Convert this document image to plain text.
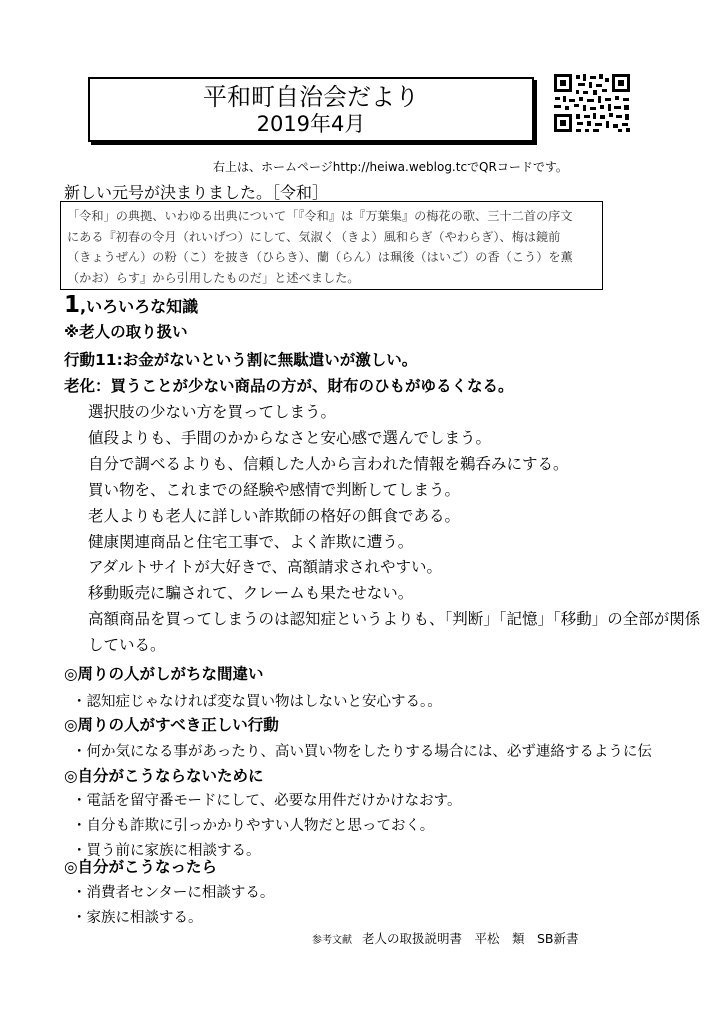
平和町自治会だより
2019年4月
右上は、ホームページhttp://heiwa.weblog.tcでQRコードです。
新しい元号が決まりました。［令和］
「令和」の典拠、いわゆる出典について「『令和』は『万葉集』の梅花の歌、三十二首の序文
にある『初春の令月（れいげつ）にして、気淑く（きよ）風和らぎ（やわらぎ）、梅は鏡前
（きょうぜん）の粉（こ）を披き（ひらき）、蘭（らん）は珮後（はいご）の香（こう）を薫
（かお）らす』から引用したものだ」と述べました。
1,いろいろな知識
※老人の取り扱い
行動11:お金がないという割に無駄遣いが激しい。
老化：買うことが少ない商品の方が、財布のひもがゆるくなる。
選択肢の少ない方を買ってしまう。
値段よりも、手間のかからなさと安心感で選んでしまう。
自分で調べるよりも、信頼した人から言われた情報を鵜呑みにする。
買い物を、これまでの経験や感情で判断してしまう。
老人よりも老人に詳しい詐欺師の格好の餌食である。
健康関連商品と住宅工事で、よく詐欺に遭う。
アダルトサイトが大好きで、高額請求されやすい。
移動販売に騙されて、クレームも果たせない。
高額商品を買ってしまうのは認知症というよりも、「判断」「記憶」「移動」の全部が関係
している。
◎周りの人がしがちな間違い
・認知症じゃなければ変な買い物はしないと安心する。。
◎周りの人がすべき正しい行動
・何か気になる事があったり、高い買い物をしたりする場合には、必ず連絡するように伝
◎自分がこうならないために
・電話を留守番モードにして、必要な用件だけかけなおす。
・自分も詐欺に引っかかりやすい人物だと思っておく。
・買う前に家族に相談する。
◎自分がこうなったら
・消費者センターに相談する。
・家族に相談する。
参考文献 老人の取扱説明書　平松　類　SB新書
